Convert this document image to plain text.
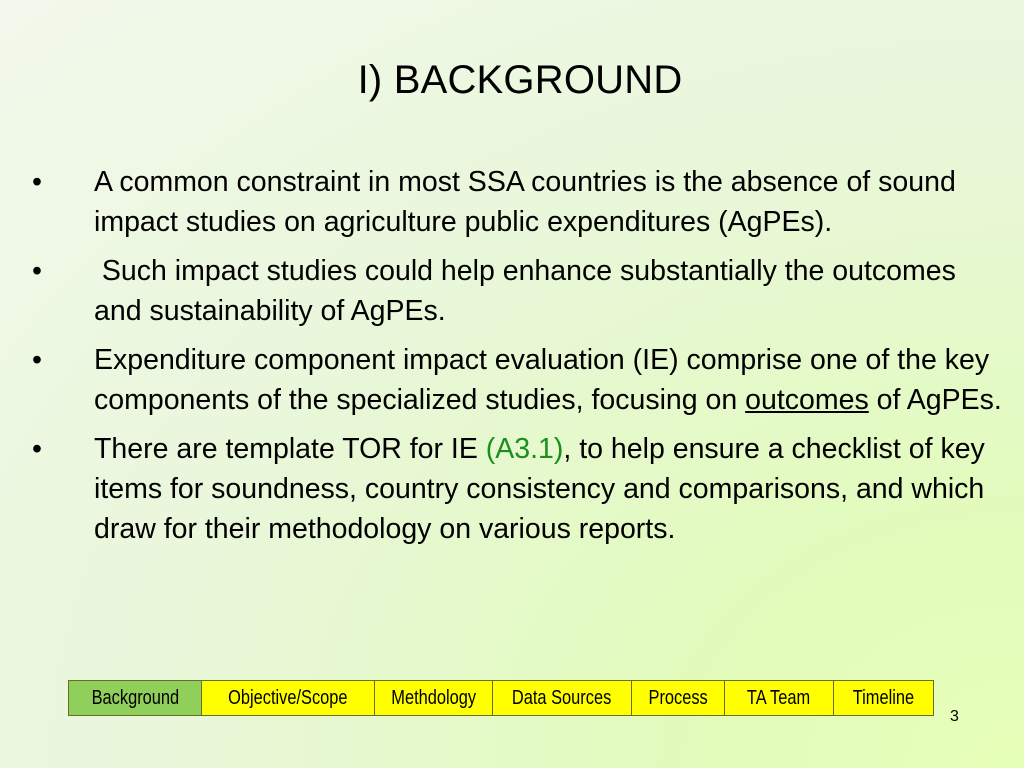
I) BACKGROUND
•	A common constraint in most SSA countries is the absence of sound impact studies on agriculture public expenditures (AgPEs).
•	Such impact studies could help enhance substantially the outcomes and sustainability of AgPEs.
•	Expenditure component impact evaluation (IE) comprise one of the key components of the specialized studies, focusing on outcomes of AgPEs.
•	There are template TOR for IE (A3.1), to help ensure a checklist of key items for soundness, country consistency and comparisons, and which draw for their methodology on various reports.
Background Objective/Scope Methdology Data Sources Process TA Team Timeline
3
